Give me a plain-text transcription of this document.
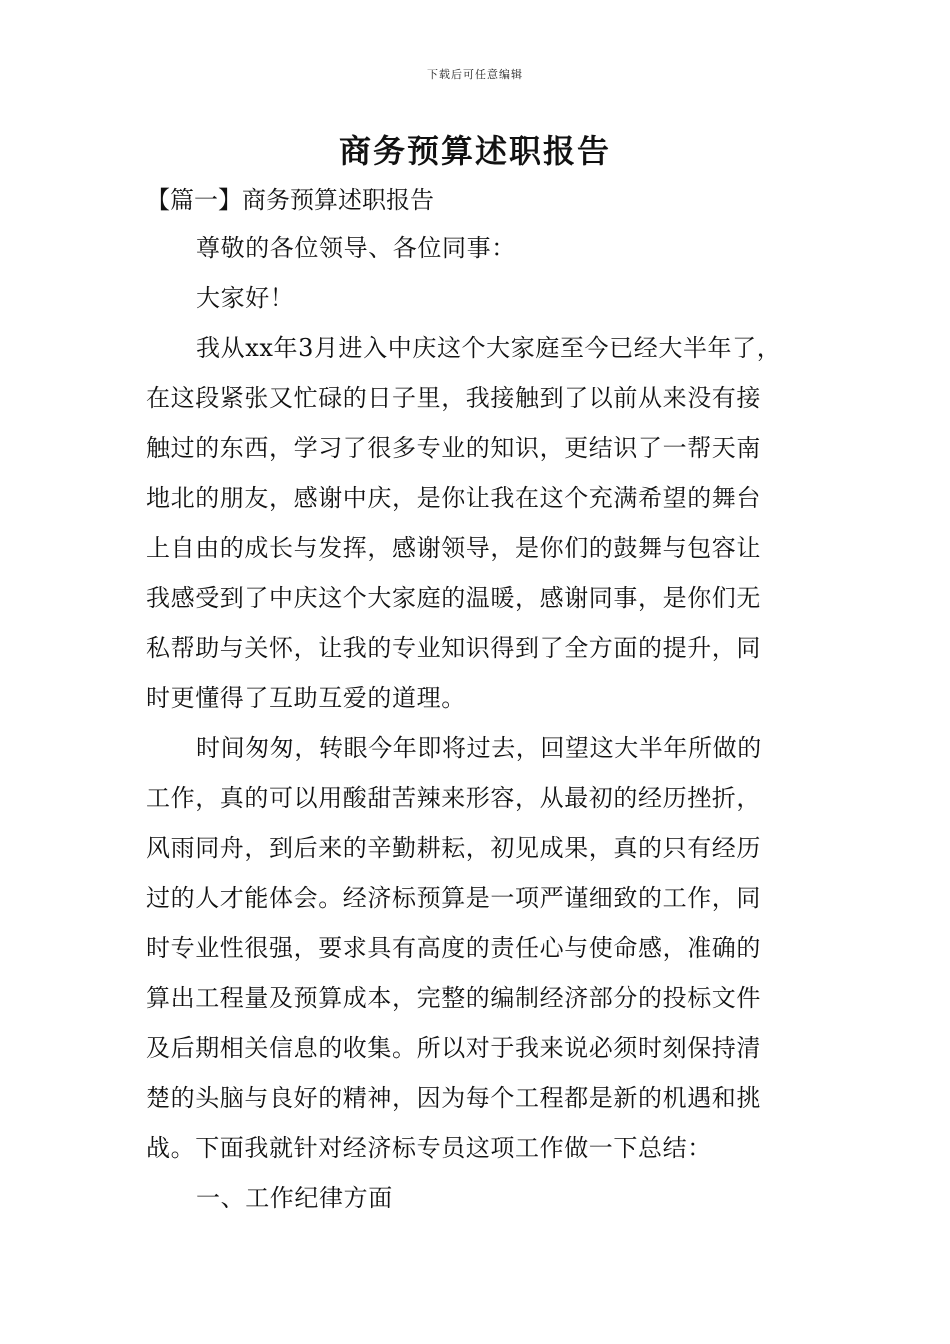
下载后可任意编辑
商务预算述职报告
【篇一】商务预算述职报告
尊敬的各位领导、各位同事：
大家好！
我从xx年3月进入中庆这个大家庭至今已经大半年了，
在这段紧张又忙碌的日子里，我接触到了以前从来没有接
触过的东西，学习了很多专业的知识，更结识了一帮天南
地北的朋友，感谢中庆，是你让我在这个充满希望的舞台
上自由的成长与发挥，感谢领导，是你们的鼓舞与包容让
我感受到了中庆这个大家庭的温暖，感谢同事，是你们无
私帮助与关怀，让我的专业知识得到了全方面的提升，同
时更懂得了互助互爱的道理。
时间匆匆，转眼今年即将过去，回望这大半年所做的
工作，真的可以用酸甜苦辣来形容，从最初的经历挫折，
风雨同舟，到后来的辛勤耕耘，初见成果，真的只有经历
过的人才能体会。经济标预算是一项严谨细致的工作，同
时专业性很强，要求具有高度的责任心与使命感，准确的
算出工程量及预算成本，完整的编制经济部分的投标文件
及后期相关信息的收集。所以对于我来说必须时刻保持清
楚的头脑与良好的精神，因为每个工程都是新的机遇和挑
战。下面我就针对经济标专员这项工作做一下总结：
一、工作纪律方面
